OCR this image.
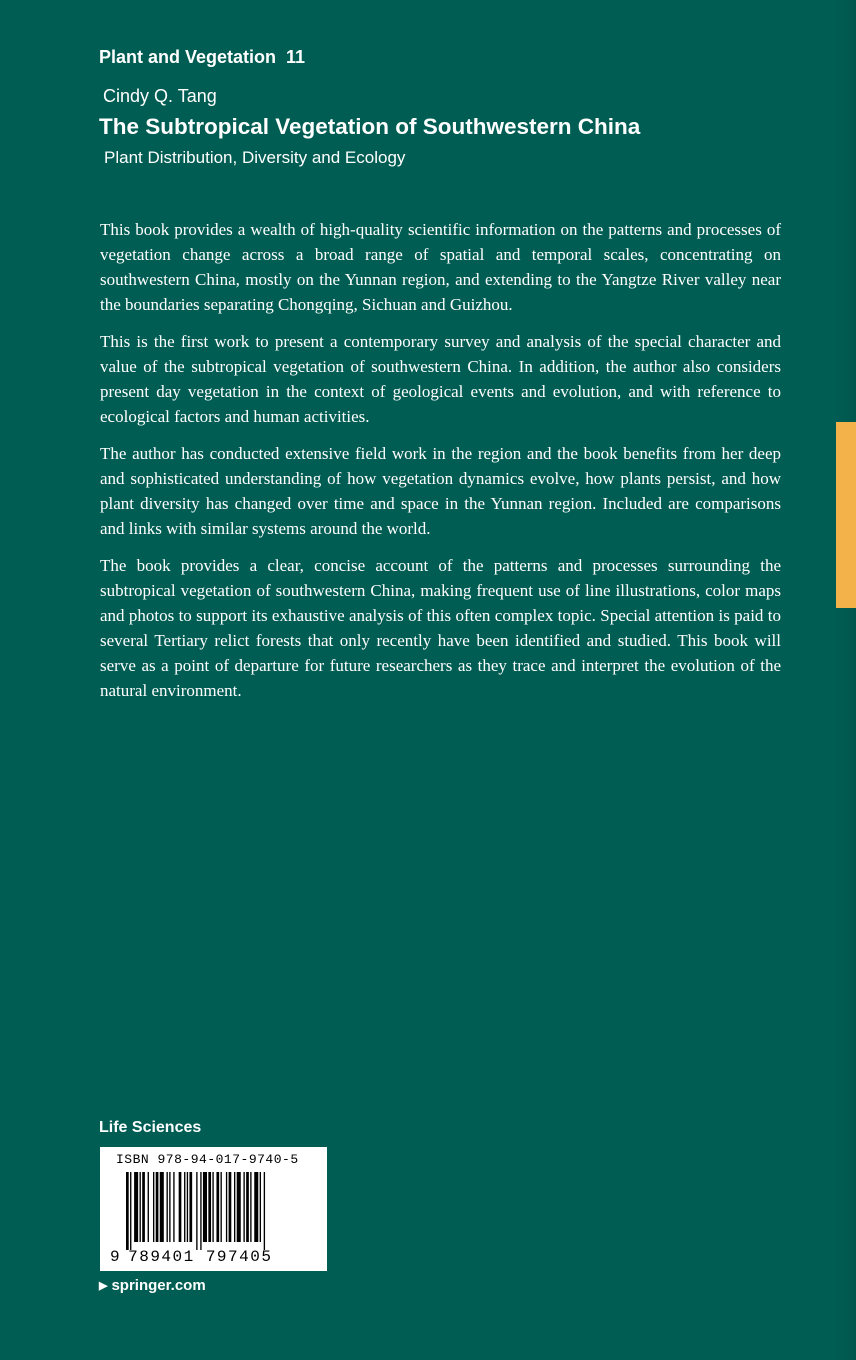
Plant and Vegetation 11
Cindy Q. Tang
The Subtropical Vegetation of Southwestern China
Plant Distribution, Diversity and Ecology

This book provides a wealth of high-quality scientific information on the patterns and processes of vegetation change across a broad range of spatial and temporal scales, concentrating on southwestern China, mostly on the Yunnan region, and extending to the Yangtze River valley near the boundaries separating Chongqing, Sichuan and Guizhou.

This is the first work to present a contemporary survey and analysis of the special character and value of the subtropical vegetation of southwestern China. In addition, the author also considers present day vegetation in the context of geological events and evolution, and with reference to ecological factors and human activities.

The author has conducted extensive field work in the region and the book benefits from her deep and sophisticated understanding of how vegetation dynamics evolve, how plants persist, and how plant diversity has changed over time and space in the Yunnan region. Included are comparisons and links with similar systems around the world.

The book provides a clear, concise account of the patterns and processes surrounding the subtropical vegetation of southwestern China, making frequent use of line illustrations, color maps and photos to support its exhaustive analysis of this often complex topic. Special attention is paid to several Tertiary relict forests that only recently have been identified and studied. This book will serve as a point of departure for future researchers as they trace and interpret the evolution of the natural environment.

Life Sciences
ISBN 978-94-017-9740-5
9 789401 797405
▶ springer.com
